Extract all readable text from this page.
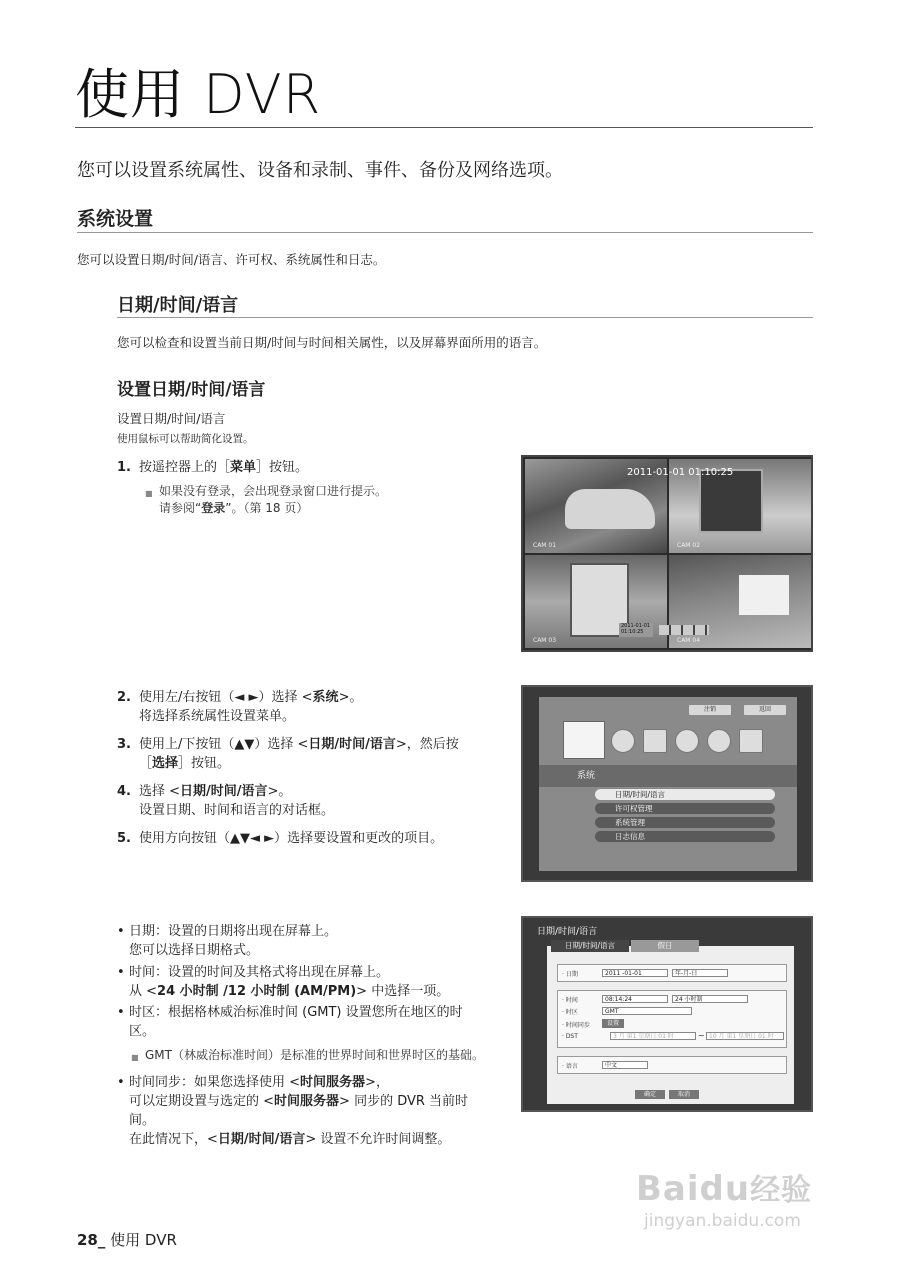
使用 DVR
您可以设置系统属性、设备和录制、事件、备份及网络选项。
系统设置
您可以设置日期/时间/语言、许可权、系统属性和日志。
日期/时间/语言
您可以检查和设置当前日期/时间与时间相关属性，以及屏幕界面所用的语言。
设置日期/时间/语言
设置日期/时间/语言
使用鼠标可以帮助简化设置。
1. 按遥控器上的［菜单］按钮。
■ 如果没有登录，会出现登录窗口进行提示。
请参阅“登录”。（第 18 页）
2. 使用左/右按钮（◄ ►）选择 <系统>。
将选择系统属性设置菜单。
3. 使用上/下按钮（▲▼）选择 <日期/时间/语言>，然后按
［选择］按钮。
4. 选择 <日期/时间/语言>。
设置日期、时间和语言的对话框。
5. 使用方向按钮（▲▼◄ ►）选择要设置和更改的项目。
• 日期：设置的日期将出现在屏幕上。
您可以选择日期格式。
• 时间：设置的时间及其格式将出现在屏幕上。
从 <24 小时制 /12 小时制 (AM/PM)> 中选择一项。
• 时区：根据格林威治标准时间 (GMT) 设置您所在地区的时
区。
■ GMT（林威治标准时间）是标准的世界时间和世界时区的基础。
• 时间同步：如果您选择使用 <时间服务器>，
可以定期设置与选定的 <时间服务器> 同步的 DVR 当前时
间。
在此情况下，<日期/时间/语言> 设置不允许时间调整。
CAM 01	CAM 02
CAM 03	CAM 04
2011-01-01 01:10:25
2011-01-01
01:10:25
注销	返回
系统
日期/时间/语言
许可权管理
系统管理
日志信息
日期/时间/语言
日期/时间/语言	假日
· 日期	2011 -01-01	年-月-日
· 时间	08:14:24	24 小时制
· 时区	GMT
· 时间同步	设置
· DST	3 月 第1 星期日 01 时	~ 10 月 第1 星期日 01 时
· 语言	中文
确定	取消
28_ 使用 DVR
Baidu经验
jingyan.baidu.com
